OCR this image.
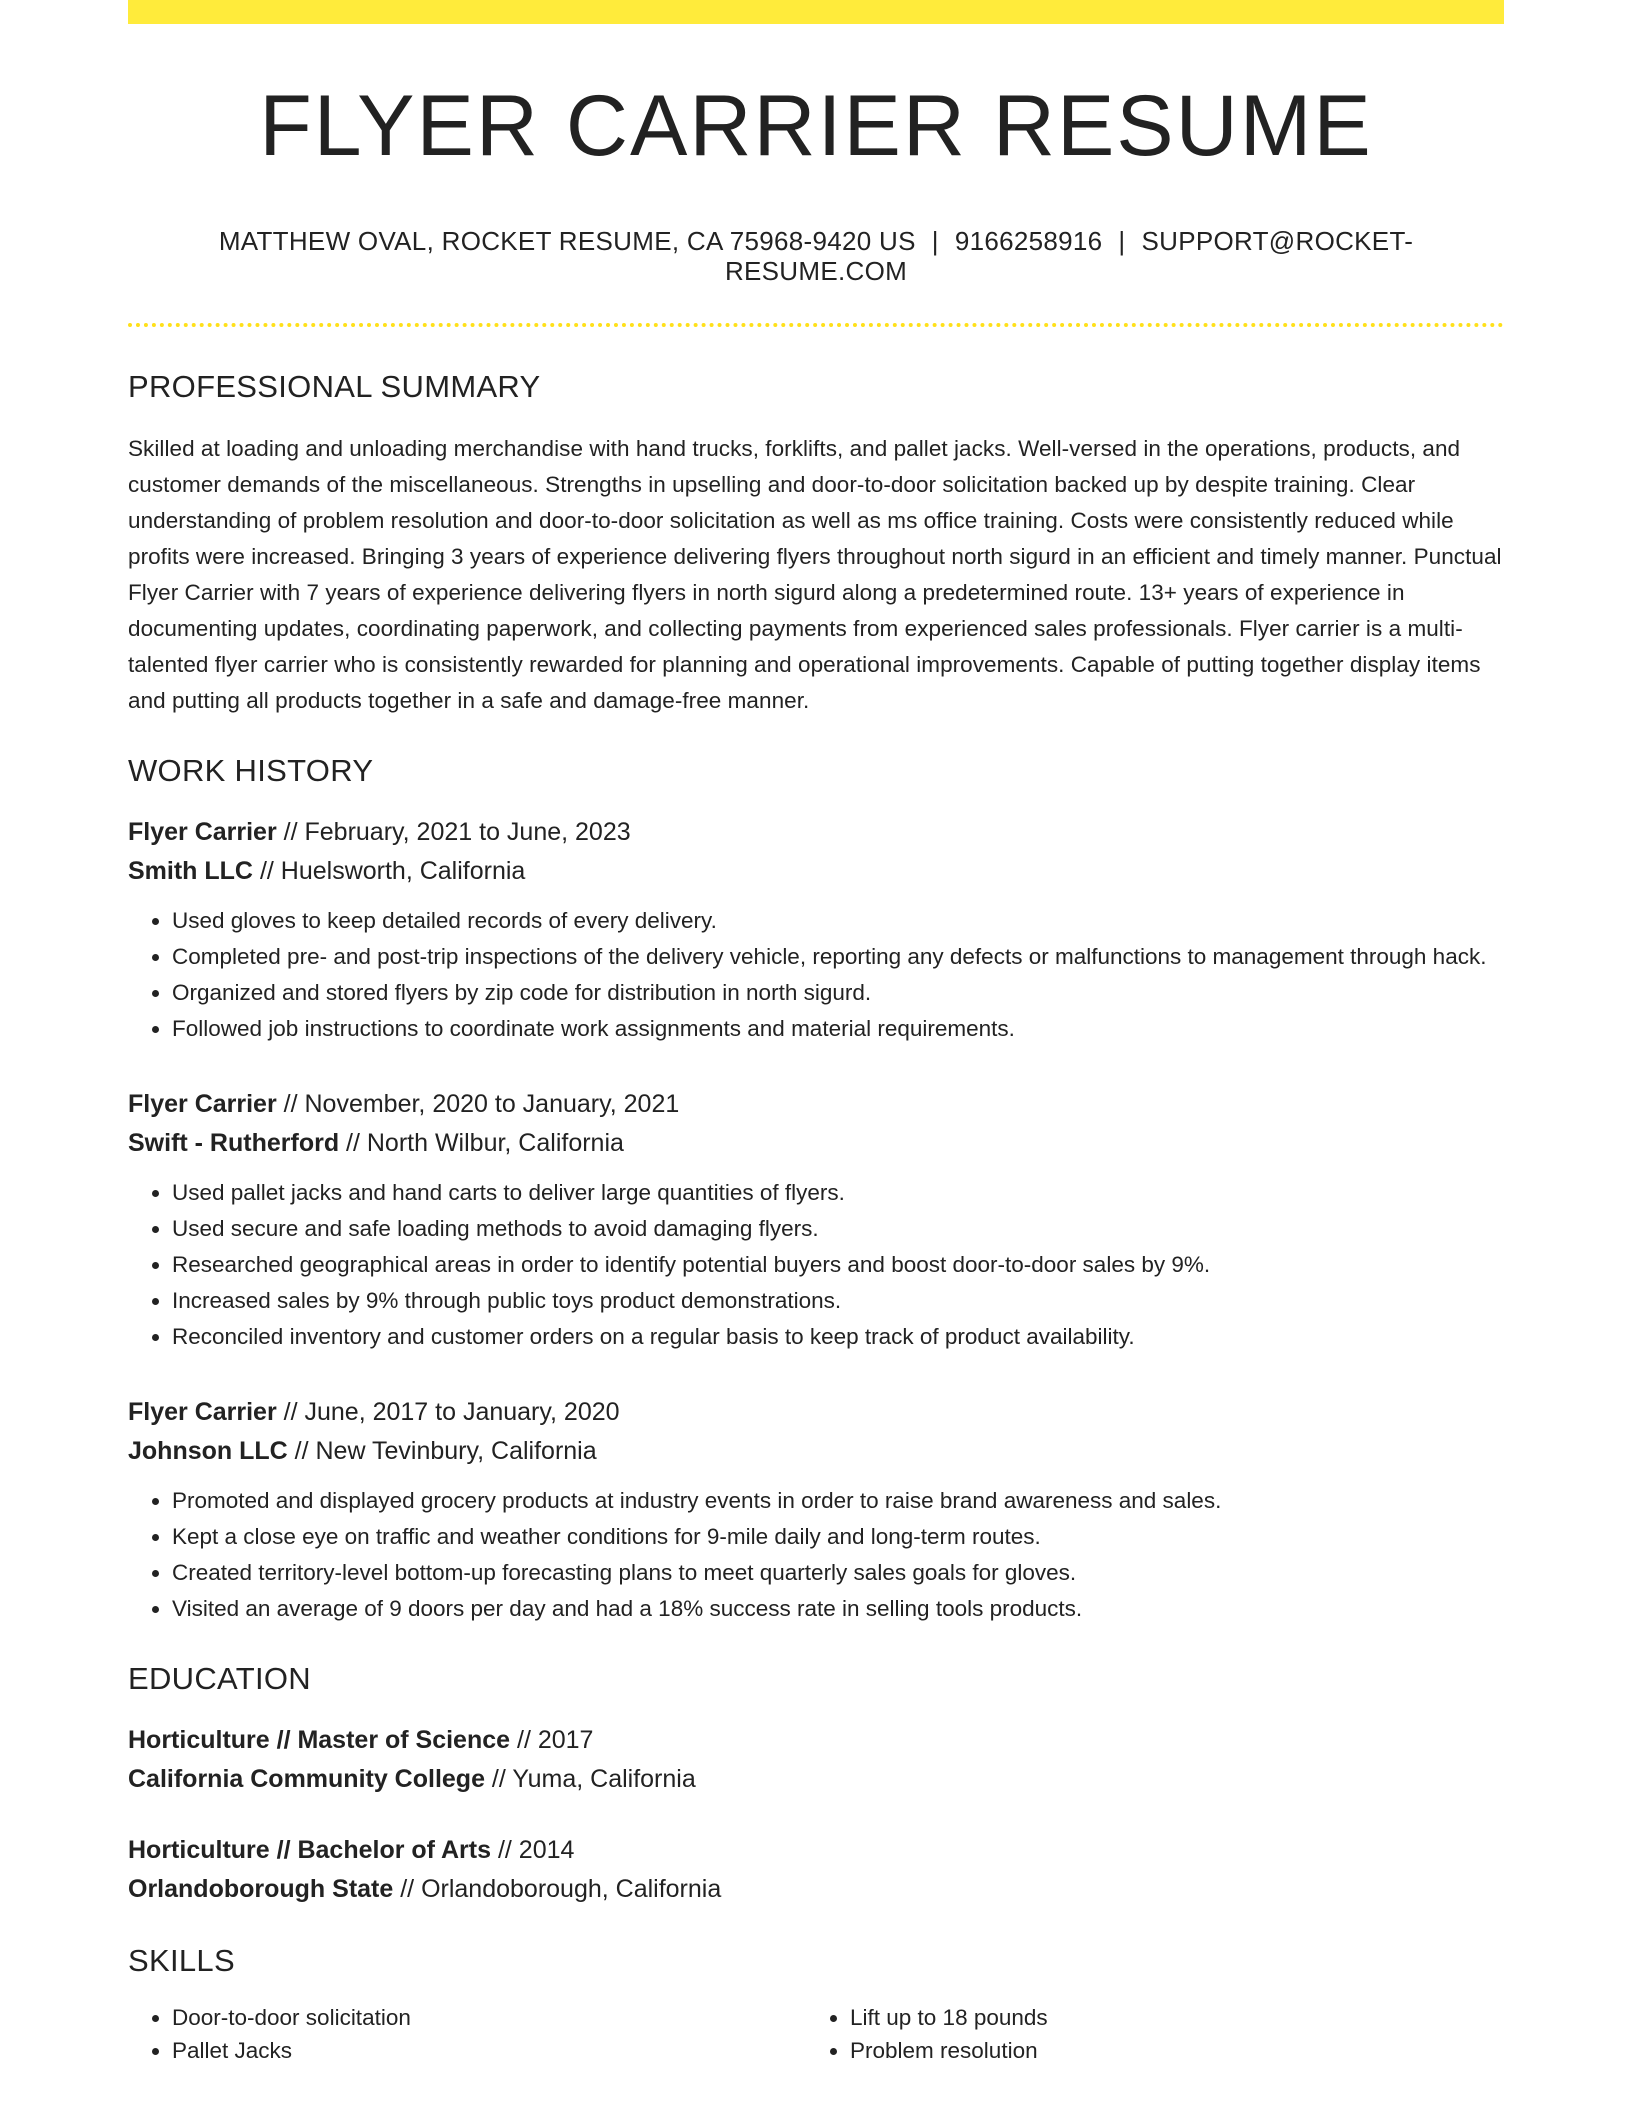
FLYER CARRIER RESUME
MATTHEW OVAL, ROCKET RESUME, CA 75968-9420 US | 9166258916 | SUPPORT@ROCKET-RESUME.COM
PROFESSIONAL SUMMARY
Skilled at loading and unloading merchandise with hand trucks, forklifts, and pallet jacks. Well-versed in the operations, products, and customer demands of the miscellaneous. Strengths in upselling and door-to-door solicitation backed up by despite training. Clear understanding of problem resolution and door-to-door solicitation as well as ms office training. Costs were consistently reduced while profits were increased. Bringing 3 years of experience delivering flyers throughout north sigurd in an efficient and timely manner. Punctual Flyer Carrier with 7 years of experience delivering flyers in north sigurd along a predetermined route. 13+ years of experience in documenting updates, coordinating paperwork, and collecting payments from experienced sales professionals. Flyer carrier is a multi-talented flyer carrier who is consistently rewarded for planning and operational improvements. Capable of putting together display items and putting all products together in a safe and damage-free manner.
WORK HISTORY
Flyer Carrier // February, 2021 to June, 2023
Smith LLC // Huelsworth, California
• Used gloves to keep detailed records of every delivery.
• Completed pre- and post-trip inspections of the delivery vehicle, reporting any defects or malfunctions to management through hack.
• Organized and stored flyers by zip code for distribution in north sigurd.
• Followed job instructions to coordinate work assignments and material requirements.
Flyer Carrier // November, 2020 to January, 2021
Swift - Rutherford // North Wilbur, California
• Used pallet jacks and hand carts to deliver large quantities of flyers.
• Used secure and safe loading methods to avoid damaging flyers.
• Researched geographical areas in order to identify potential buyers and boost door-to-door sales by 9%.
• Increased sales by 9% through public toys product demonstrations.
• Reconciled inventory and customer orders on a regular basis to keep track of product availability.
Flyer Carrier // June, 2017 to January, 2020
Johnson LLC // New Tevinbury, California
• Promoted and displayed grocery products at industry events in order to raise brand awareness and sales.
• Kept a close eye on traffic and weather conditions for 9-mile daily and long-term routes.
• Created territory-level bottom-up forecasting plans to meet quarterly sales goals for gloves.
• Visited an average of 9 doors per day and had a 18% success rate in selling tools products.
EDUCATION
Horticulture // Master of Science // 2017
California Community College // Yuma, California
Horticulture // Bachelor of Arts // 2014
Orlandoborough State // Orlandoborough, California
SKILLS
• Door-to-door solicitation
• Pallet Jacks
• Lift up to 18 pounds
• Problem resolution
